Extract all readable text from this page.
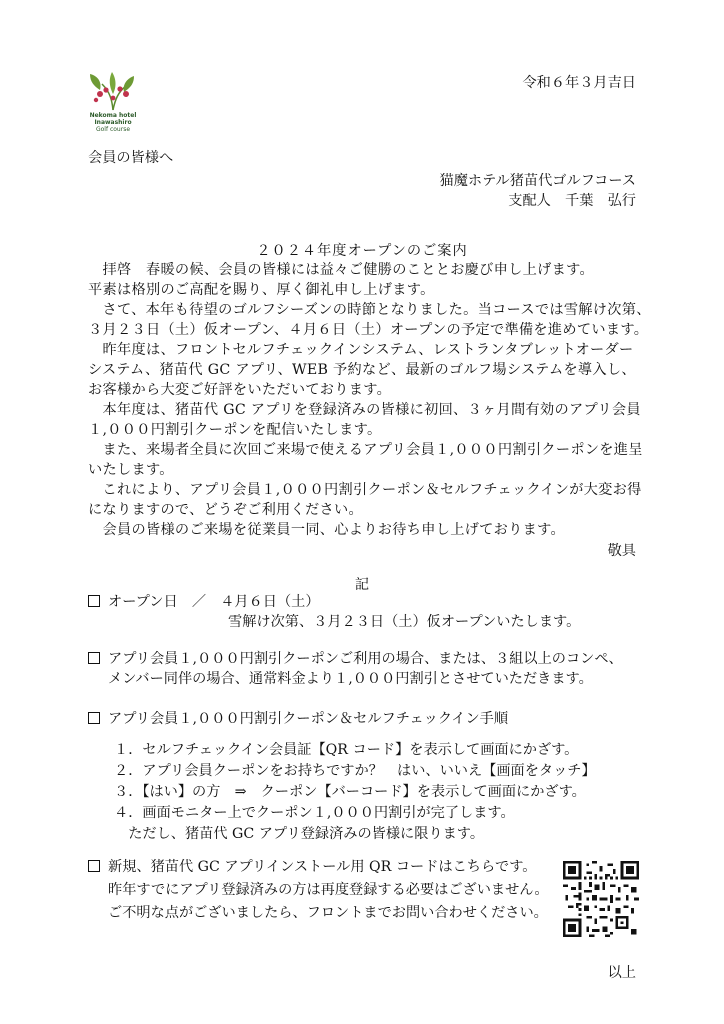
Nekoma hotel
Inawashiro
Golf course
令和６年３月吉日
会員の皆様へ
猫魔ホテル猪苗代ゴルフコース
支配人　千葉　弘行
２０２４年度オープンのご案内
　拝啓　春暖の候、会員の皆様には益々ご健勝のこととお慶び申し上げます。
平素は格別のご高配を賜り、厚く御礼申し上げます。
　さて、本年も待望のゴルフシーズンの時節となりました。当コースでは雪解け次第、
３月２３日（土）仮オープン、４月６日（土）オープンの予定で準備を進めています。
　昨年度は、フロントセルフチェックインシステム、レストランタブレットオーダー
システム、猪苗代 GC アプリ、WEB 予約など、最新のゴルフ場システムを導入し、
お客様から大変ご好評をいただいております。
　本年度は、猪苗代 GC アプリを登録済みの皆様に初回、３ヶ月間有効のアプリ会員
１,０００円割引クーポンを配信いたします。
　また、来場者全員に次回ご来場で使えるアプリ会員１,０００円割引クーポンを進呈
いたします。
　これにより、アプリ会員１,０００円割引クーポン＆セルフチェックインが大変お得
になりますので、どうぞご利用ください。
　会員の皆様のご来場を従業員一同、心よりお待ち申し上げております。
敬具
記
オープン日　／　４月６日（土）
雪解け次第、３月２３日（土）仮オープンいたします。
アプリ会員１,０００円割引クーポンご利用の場合、または、３組以上のコンペ、
メンバー同伴の場合、通常料金より１,０００円割引とさせていただきます。
アプリ会員１,０００円割引クーポン＆セルフチェックイン手順
１．セルフチェックイン会員証【QR コード】を表示して画面にかざす。
２．アプリ会員クーポンをお持ちですか？　はい、いいえ【画面をタッチ】
３．【はい】の方　⇒　クーポン【バーコード】を表示して画面にかざす。
４．画面モニター上でクーポン１,０００円割引が完了します。
　ただし、猪苗代 GC アプリ登録済みの皆様に限ります。
新規、猪苗代 GC アプリインストール用 QR コードはこちらです。
昨年すでにアプリ登録済みの方は再度登録する必要はございません。
ご不明な点がございましたら、フロントまでお問い合わせください。
以上
